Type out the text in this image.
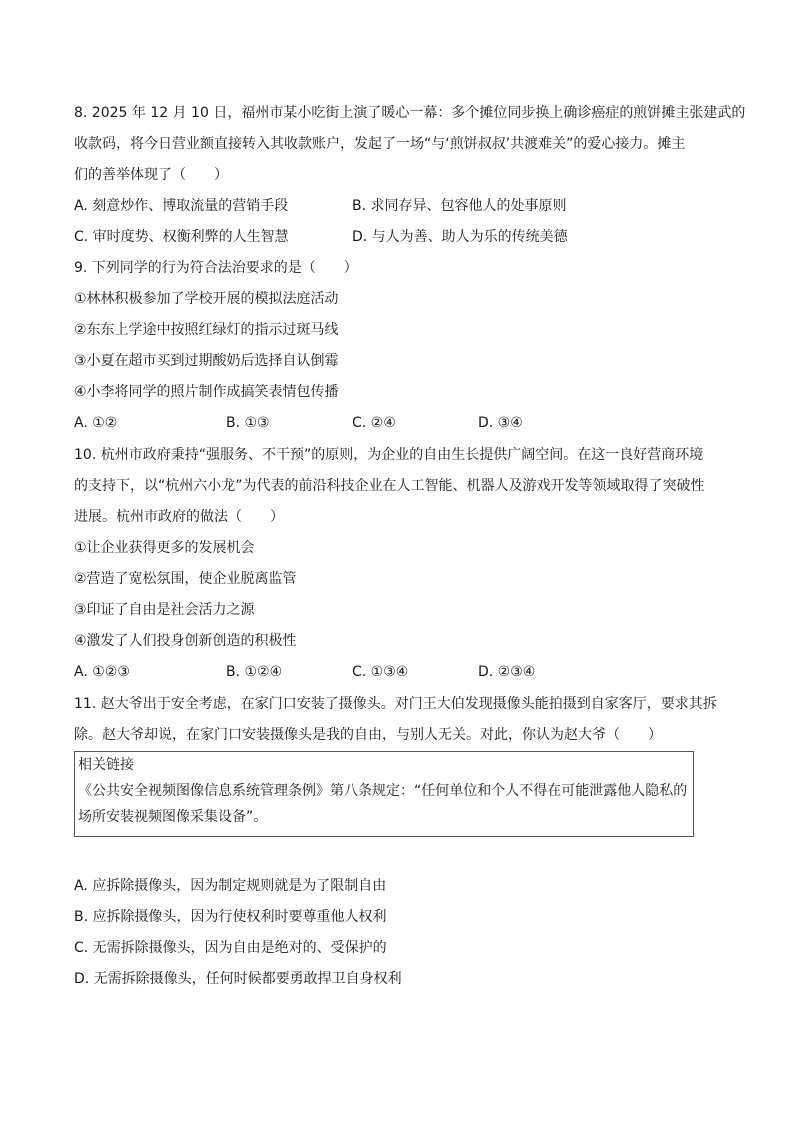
8. 2025 年 12 月 10 日，福州市某小吃街上演了暖心一幕：多个摊位同步换上确诊癌症的煎饼摊主张建武的
收款码，将今日营业额直接转入其收款账户，发起了一场“与‘煎饼叔叔’共渡难关”的爱心接力。摊主
们的善举体现了（　　）
A. 刻意炒作、博取流量的营销手段	B. 求同存异、包容他人的处事原则
C. 审时度势、权衡利弊的人生智慧	D. 与人为善、助人为乐的传统美德
9. 下列同学的行为符合法治要求的是（　　）
①林林积极参加了学校开展的模拟法庭活动
②东东上学途中按照红绿灯的指示过斑马线
③小夏在超市买到过期酸奶后选择自认倒霉
④小李将同学的照片制作成搞笑表情包传播
A. ①②	B. ①③	C. ②④	D. ③④
10. 杭州市政府秉持“强服务、不干预”的原则，为企业的自由生长提供广阔空间。在这一良好营商环境
的支持下，以“杭州六小龙”为代表的前沿科技企业在人工智能、机器人及游戏开发等领域取得了突破性
进展。杭州市政府的做法（　　）
①让企业获得更多的发展机会
②营造了宽松氛围，使企业脱离监管
③印证了自由是社会活力之源
④激发了人们投身创新创造的积极性
A. ①②③	B. ①②④	C. ①③④	D. ②③④
11. 赵大爷出于安全考虑，在家门口安装了摄像头。对门王大伯发现摄像头能拍摄到自家客厅，要求其拆
除。赵大爷却说，在家门口安装摄像头是我的自由，与别人无关。对此，你认为赵大爷（　　）
相关链接
《公共安全视频图像信息系统管理条例》第八条规定：“任何单位和个人不得在可能泄露他人隐私的
场所安装视频图像采集设备”。
A. 应拆除摄像头，因为制定规则就是为了限制自由
B. 应拆除摄像头，因为行使权利时要尊重他人权利
C. 无需拆除摄像头，因为自由是绝对的、受保护的
D. 无需拆除摄像头，任何时候都要勇敢捍卫自身权利
